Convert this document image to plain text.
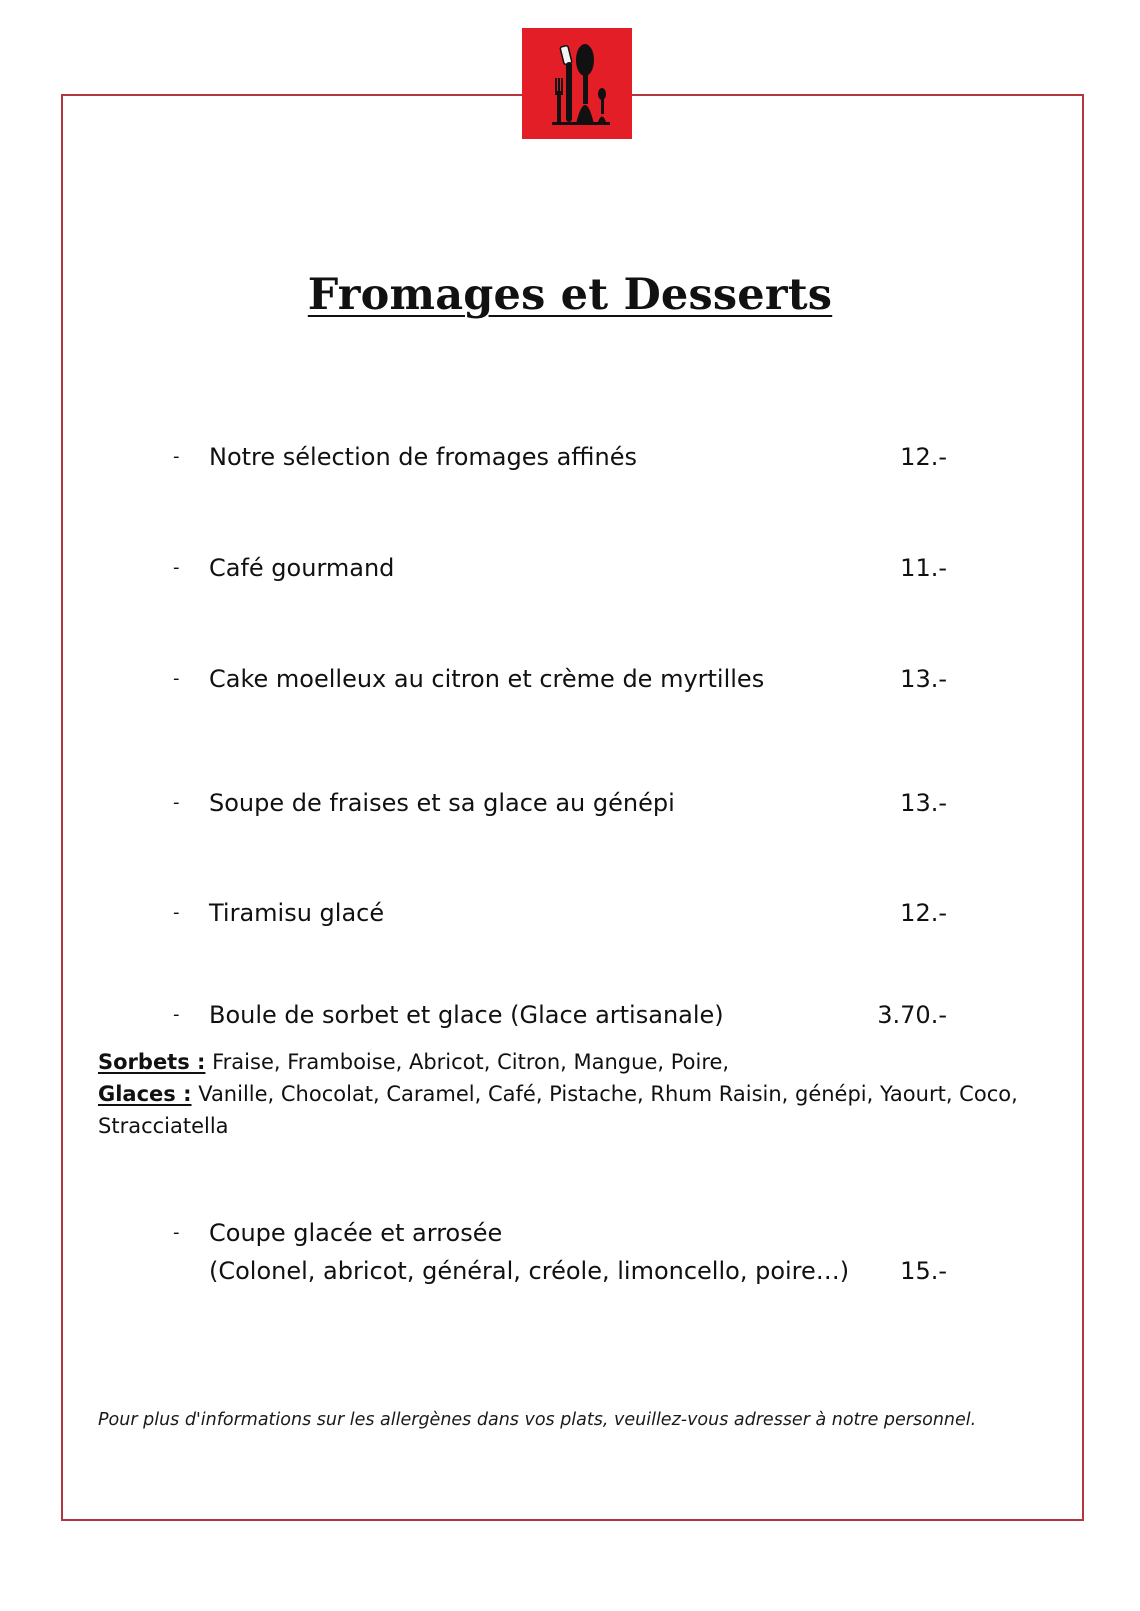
Fromages et Desserts
- Notre sélection de fromages affinés	12.-
- Café gourmand	11.-
- Cake moelleux au citron et crème de myrtilles	13.-
- Soupe de fraises et sa glace au génépi	13.-
- Tiramisu glacé	12.-
- Boule de sorbet et glace (Glace artisanale)	3.70.-
Sorbets : Fraise, Framboise, Abricot, Citron, Mangue, Poire,
Glaces : Vanille, Chocolat, Caramel, Café, Pistache, Rhum Raisin, génépi, Yaourt, Coco,
Stracciatella
- Coupe glacée et arrosée
(Colonel, abricot, général, créole, limoncello, poire…) 15.-
Pour plus d'informations sur les allergènes dans vos plats, veuillez-vous adresser à notre personnel.
